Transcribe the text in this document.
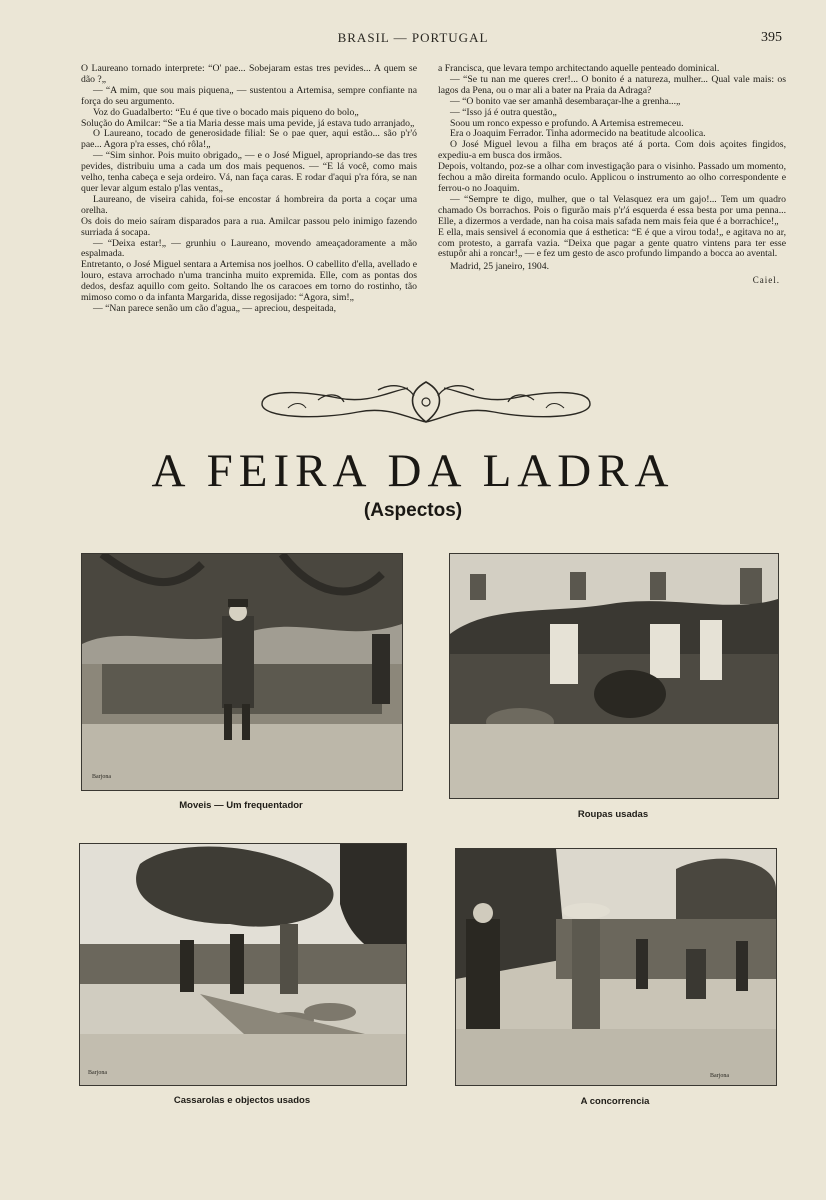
BRASIL — PORTUGAL	395

O Laureano tornado interprete: “O' pae... Sobejaram estas tres pevides... A quem se dão ?„

— “A mim, que sou mais piquena„ — sustentou a Artemisa, sempre confiante na força do seu argumento.

Voz do Guadalberto: “Eu é que tive o bocado mais piqueno do bolo„

Solução do Amilcar: “Se a tia Maria desse mais uma pevide, já estava tudo arranjado„

O Laureano, tocado de generosidade filial: Se o pae quer, aqui estão... são p'r'ó pae... Agora p'ra esses, chó rôla!„

— “Sim sinhor. Pois muito obrigado„ — e o José Miguel, apropriando-se das tres pevides, distribuiu uma a cada um dos mais pequenos. — “E lá você, como mais velho, tenha cabeça e seja ordeiro. Vá, nan faça caras. E rodar d'aqui p'ra fóra, se nan quer levar algum estalo p'las ventas„

Laureano, de viseira cahida, foi-se encostar á hombreira da porta a coçar uma orelha.

Os dois do meio saíram disparados para a rua. Amilcar passou pelo inimigo fazendo surriada á socapa.

— “Deixa estar!„ — grunhiu o Laureano, movendo ameaçadoramente a mão espalmada.

Entretanto, o José Miguel sentara a Artemisa nos joelhos. O cabellito d'ella, avellado e louro, estava arrochado n'uma trancinha muito expremida. Elle, com as pontas dos dedos, desfaz aquillo com geito. Soltando lhe os caracoes em torno do rostinho, tão mimoso como o da infanta Margarida, disse regosijado: “Agora, sim!„

— “Nan parece senão um cão d'agua„ — apreciou, despeitada,

a Francisca, que levara tempo architectando aquelle penteado dominical.

— “Se tu nan me queres crer!... O bonito é a natureza, mulher... Qual vale mais: os lagos da Pena, ou o mar ali a bater na Praia da Adraga?

— “O bonito vae ser amanhã desembaraçar-lhe a grenha...„

— “Isso já é outra questão„

Soou um ronco expesso e profundo. A Artemisa estremeceu.

Era o Joaquim Ferrador. Tinha adormecido na beatitude alcoolica.

O José Miguel levou a filha em braços até á porta. Com dois açoites fingidos, expediu-a em busca dos irmãos.

Depois, voltando, poz-se a olhar com investigação para o visinho. Passado um momento, fechou a mão direita formando oculo. Applicou o instrumento ao olho correspondente e ferrou-o no Joaquim.

— “Sempre te digo, mulher, que o tal Velasquez era um gajo!... Tem um quadro chamado Os borrachos. Pois o figurão mais p'r'á esquerda é essa besta por uma penna... Elle, a dizermos a verdade, nan ha coisa mais safada nem mais feia que é a borrachice!„

E ella, mais sensivel á economia que á esthetica: “E é que a virou toda!„ e agitava no ar, com protesto, a garrafa vazia. “Deixa que pagar a gente quatro vintens para ter esse estupôr ahi a roncar!„ — e fez um gesto de asco profundo limpando a bocca ao avental.

Madrid, 25 janeiro, 1904.

Caiel.
A FEIRA DA LADRA
(Aspectos)
Barjona
Moveis — Um frequentador
Roupas usadas
Barjona
Cassarolas e objectos usados
Barjona
A concorrencia
